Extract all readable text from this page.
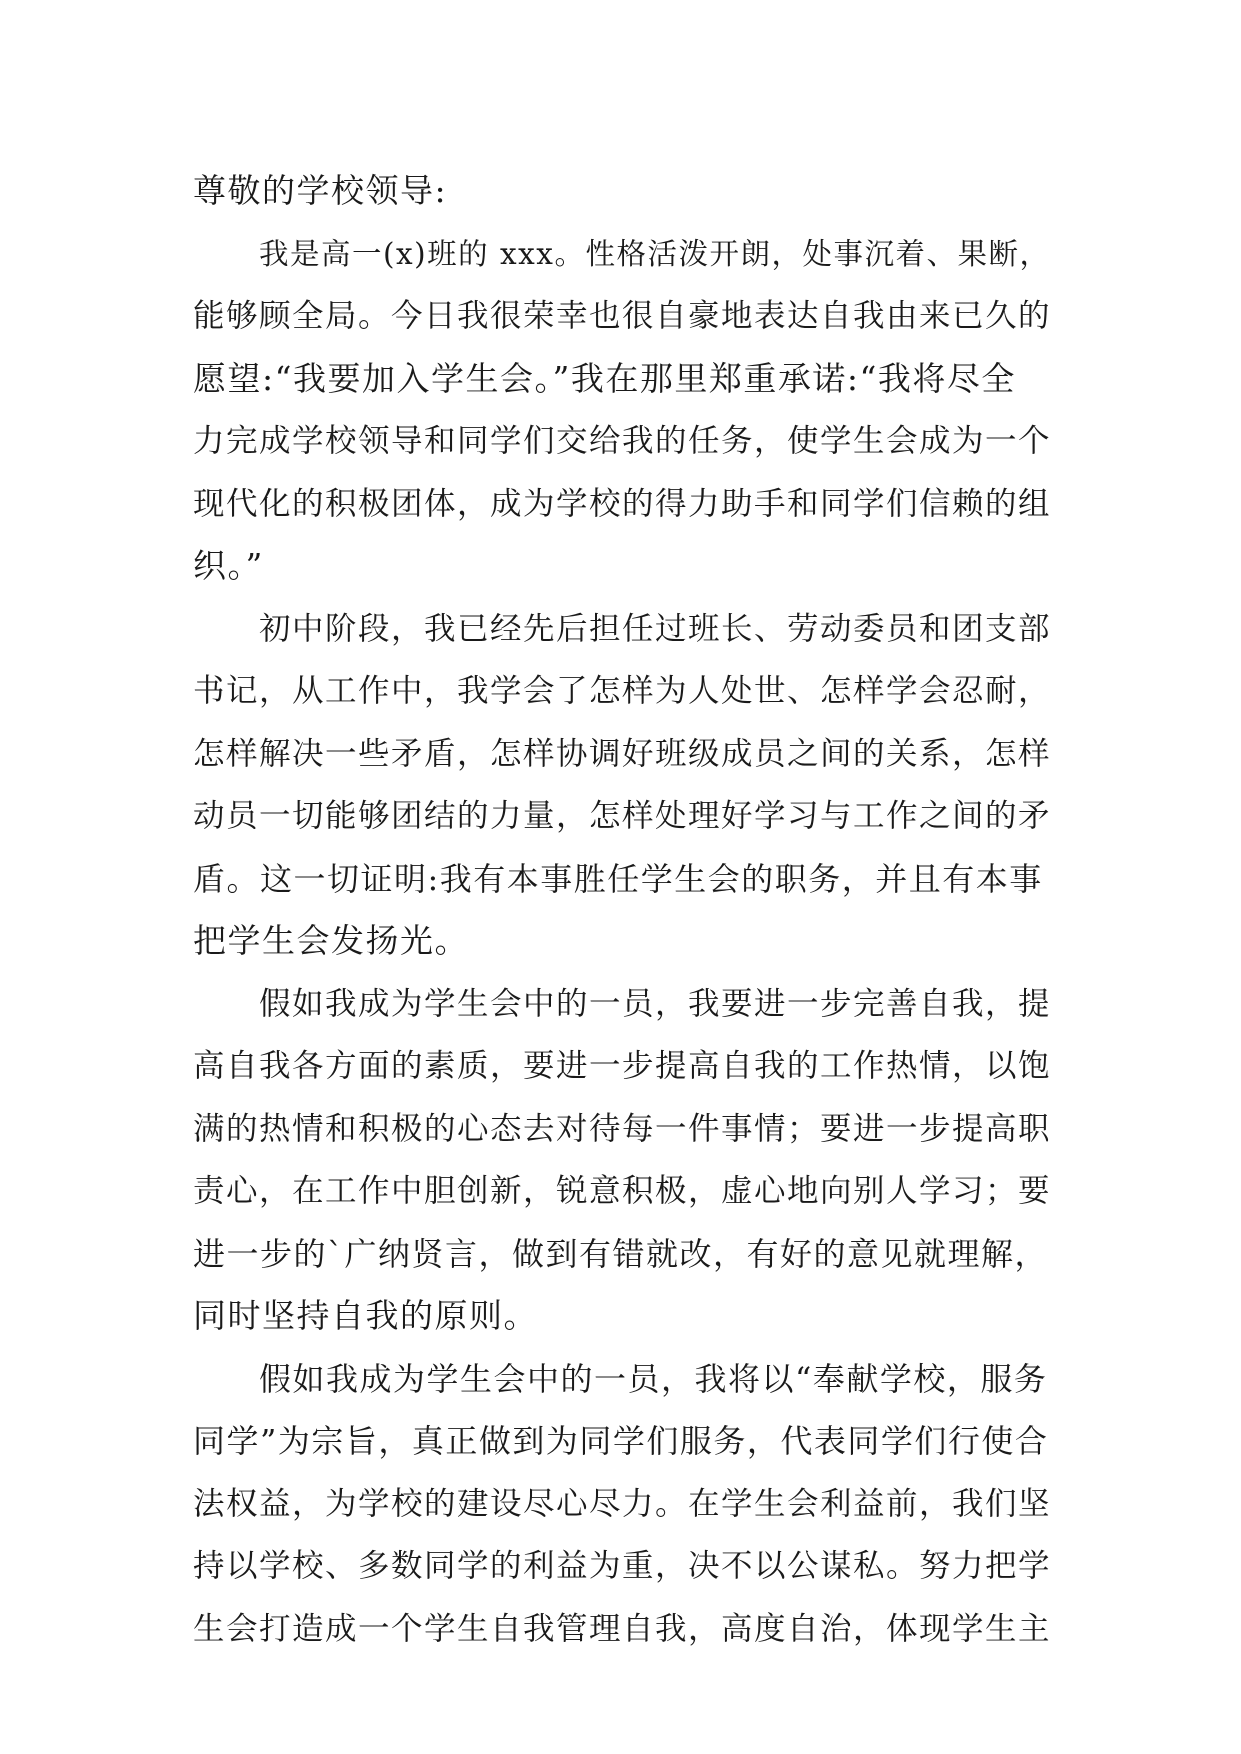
尊敬的学校领导:
我是高一(x)班的 xxx。性格活泼开朗，处事沉着、果断，
能够顾全局。今日我很荣幸也很自豪地表达自我由来已久的
愿望:“我要加入学生会。”我在那里郑重承诺:“我将尽全
力完成学校领导和同学们交给我的任务，使学生会成为一个
现代化的积极团体，成为学校的得力助手和同学们信赖的组
织。”
初中阶段，我已经先后担任过班长、劳动委员和团支部
书记，从工作中，我学会了怎样为人处世、怎样学会忍耐，
怎样解决一些矛盾，怎样协调好班级成员之间的关系，怎样
动员一切能够团结的力量，怎样处理好学习与工作之间的矛
盾。这一切证明:我有本事胜任学生会的职务，并且有本事
把学生会发扬光。
假如我成为学生会中的一员，我要进一步完善自我，提
高自我各方面的素质，要进一步提高自我的工作热情，以饱
满的热情和积极的心态去对待每一件事情；要进一步提高职
责心，在工作中胆创新，锐意积极，虚心地向别人学习；要
进一步的`广纳贤言，做到有错就改，有好的意见就理解，
同时坚持自我的原则。
假如我成为学生会中的一员，我将以“奉献学校，服务
同学”为宗旨，真正做到为同学们服务，代表同学们行使合
法权益，为学校的建设尽心尽力。在学生会利益前，我们坚
持以学校、多数同学的利益为重，决不以公谋私。努力把学
生会打造成一个学生自我管理自我，高度自治，体现学生主
